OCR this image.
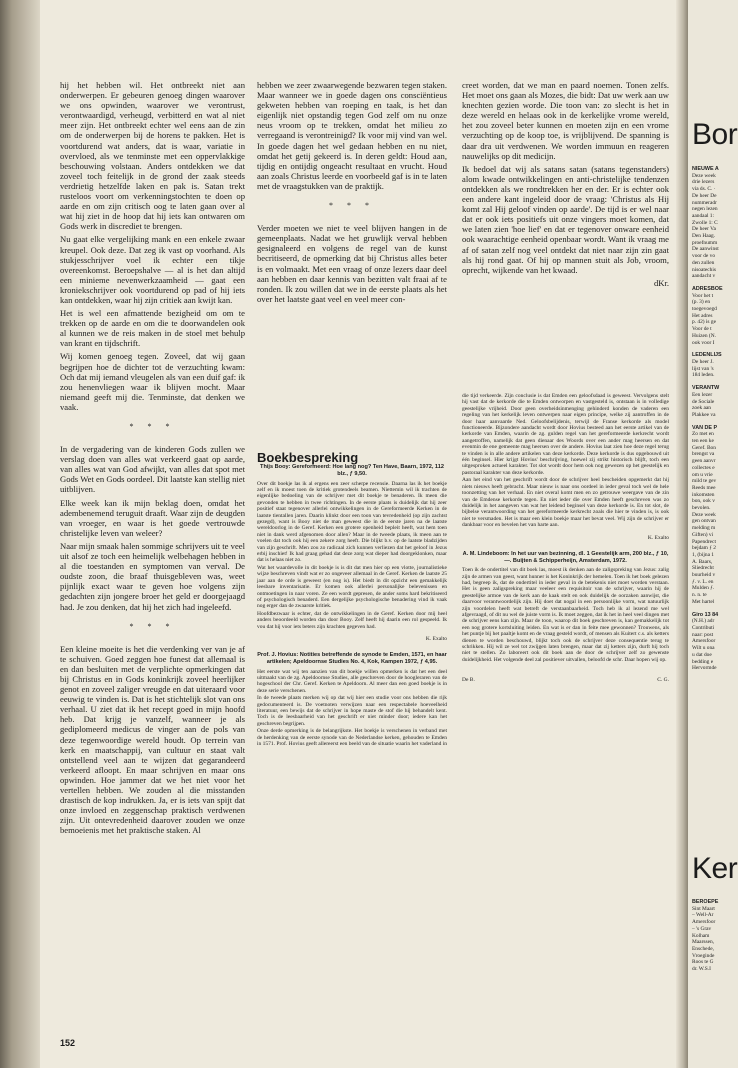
hij het hebben wil. Het ontbreekt niet aan onderwerpen. Er gebeuren genoeg dingen waarover we ons opwinden, waarover we verontrust, verontwaardigd, verheugd, verbitterd en wat al niet meer zijn. Het ontbreekt echter wel eens aan de zin om de onderwerpen bij de horens te pakken. Het is voortdurend wat anders, dat is waar, variatie in overvloed, als we tenminste met een oppervlakkige beschouwing volstaan. Anders ontdekken we dat zoveel toch feitelijk in de grond der zaak steeds verdrietig hetzelfde laken en pak is. Satan trekt rusteloos voort om verkenningstochten te doen op aarde en om zijn critisch oog te laten gaan over al wat hij ziet in de hoop dat hij iets kan ontwaren om Gods werk in discrediet te brengen.

Nu gaat elke vergelijking mank en een enkele zwaar kreupel. Ook deze. Dat zeg ik vast op voorhand. Als stukjesschrijver voel ik echter een tikje overeenkomst. Beroepshalve — al is het dan altijd een minieme nevenwerkzaamheid — gaat een kroniekschrijver ook voortdurend op pad of hij iets kan ontdekken, waar hij zijn critiek aan kwijt kan.

Het is wel een afmattende bezigheid om om te trekken op de aarde en om die te doorwandelen ook al kunnen we de reis maken in de stoel met behulp van krant en tijdschrift.

Wij komen genoeg tegen. Zoveel, dat wij gaan begrijpen hoe de dichter tot de verzuchting kwam: Och dat mij iemand vleugelen als van een duif gaf: ik zou henenvliegen waar ik blijven mocht. Maar niemand geeft mij die. Tenminste, dat denken we vaak.

* * *

In de vergadering van de kinderen Gods zullen we verslag doen van alles wat verkeerd gaat op aarde, van alles wat van God afwijkt, van alles dat spot met Gods Wet en Gods oordeel. Dit laatste kan stellig niet uitblijven.

Elke week kan ik mijn beklag doen, omdat het adembenemend teruguit draaft. Waar zijn de deugden van vroeger, en waar is het goede vertrouwde christelijke leven van weleer?

Naar mijn smaak halen sommige schrijvers uit te veel uit alsof ze toch een heimelijk welbehagen hebben in al die toestanden en symptomen van verval. De oudste zoon, die braaf thuisgebleven was, weet pijnlijk exact waar te geven hoe volgens zijn gedachten zijn jongere broer het geld er doorgejaagd had. Je zou denken, dat hij het zich had ingeleefd.

* * *

Een kleine moeite is het die verdenking ver van je af te schuiven. Goed zeggen hoe funest dat allemaal is en dan besluiten met de verplichte opmerkingen dat bij Christus en in Gods koninkrijk zoveel heerlijker genot en zoveel zaliger vreugde en dat uiteraard voor eeuwig te vinden is. Dat is het stichtelijk slot van ons verhaal. U ziet dat ik het recept goed in mijn hoofd heb. Dat krijg je vanzelf, wanneer je als gediplomeerd medicus de vinger aan de pols van deze tegenwoordige wereld houdt. Op terrein van kerk en maatschappij, van cultuur en staat valt ontstellend veel aan te wijzen dat gegarandeerd verkeerd afloopt. En maar schrijven en maar ons opwinden. Hoe jammer dat we het niet voor het vertellen hebben. We zouden al die misstanden drastisch de kop indrukken. Ja, er is iets van spijt dat onze invloed en zeggenschap praktisch verdwenen zijn. Uit ontevredenheid daarover zouden we onze bemoeienis met het praktische staken. Al

152

hebben we zeer zwaarwegende bezwaren tegen staken. Maar wanneer we in goede dagen ons consciëntieus gekweten hebben van roeping en taak, is het dan eigenlijk niet opstandig tegen God zelf om nu onze neus vroom op te trekken, omdat het milieu zo verregaand is verontreinigd? Ik voor mij vind van wel. In goede dagen het wel gedaan hebben en nu niet, omdat het getij gekeerd is. In deren geldt: Houd aan, tijdig en ontijdig ongeacht resultaat en vrucht. Houd aan zoals Christus leerde en voorbeeld gaf is in te laten met de vraagstukken van de praktijk.

* * *

Verder moeten we niet te veel blijven hangen in de gemeenplaats. Nadat we het gruwlijk verval hebben gesignaleerd en volgens de regel van de kunst becritiseerd, de opmerking dat bij Christus alles beter is en volmaakt. Met een vraag of onze lezers daar deel aan hebben en daar kennis van bezitten valt fraai af te ronden. Ik zou willen dat we in de eerste plaats als het over het laatste gaat veel en veel meer con-

Boekbespreking
Thijs Booy: Gereformeerd: Hoe lang nog? Ten Have, Baarn, 1972, 112 blz., ƒ 9,50.

Over dit boekje las ik al ergens een zeer scherpe recensie. Daarna las ik het boekje zelf en ik moest toen de kritiek grotendeels beamen. Niettemin wil ik trachten de eigenlijke bedoeling van de schrijver met dit boekje te benaderen. Ik meen die gevonden te hebben in twee richtingen. In de eerste plaats is duidelijk dat hij zeer positief staat tegenover allerlei ontwikkelingen in de Gereformeerde Kerken in de laatste tientallen jaren. Daarin klinkt door een toon van tevredenheid (op zijn zachtst gezegd), want is Booy niet de man geweest die in de eerste jaren na de laatste wereldoorlog in de Geref. Kerken een grotere openheid bepleit heeft, wat hem toen niet in dank werd afgenomen door allen? Maar in de tweede plaats, ik meen aan te voelen dat toch ook hij een zekere zorg heeft. Die blijkt b.v. op de laatste bladzijden van zijn geschrift. Men zou zo radicaal zich kunnen verliezen dat het geloof in Jezus erbij inschiet! Ik had graag gehad dat deze zorg wat dieper had doorgeklonken, maar dat is helaas niet zo.

Wat het waardevolle in dit boekje is is dit dat men hier op een vlotte, journalistieke wijze beschreven vindt wat er zo ongeveer allemaal in de Geref. Kerken de laatste 25 jaar aan de orde is geweest (en nog is). Het biedt in dit opzicht een gemakkelijk leesbare inventarisatie. Er komen ook allerlei personalijke belevenissen en ontmoetingen in naar voren. Ze een wordt gepresen, de ander soms hard bekritiseerd of psychologisch benaderd. Een dergelijke psychologische benadering vind ik vaak nog erger dan de zwaarste kritiek.

Hoofdbezwaar is echter, dat de ontwikkelingen in de Geref. Kerken door mij heel anders beoordeeld worden dan door Booy. Zelf heeft hij daarin een rol gespeeld. Ik vou dat hij voor iets beters zijn krachten gegeven had.

K. Exalto
Prof. J. Hovius: Notities betreffende de synode te Emden, 1571, en haar artikelen; Apeldoornse Studies No. 4, Kok, Kampen 1972, ƒ 4,95.

Het eerste wat wij ten aanzien van dit boekje willen opmerken is dat het een deel uitmaakt van de zg. Apeldoornse Studies, alle geschreven door de hoogleraren van de hogeschool der Chr. Geref. Kerken te Apeldoorn. Al meer dan een goed boekje is in deze serie verschenen.

In de tweede plaats merken wij op dat wij hier een studie voor ons hebben die rijk gedocumenteerd is. De voetnoten verwijzen naar een respectabele hoeveelheid literatuur, een bewijs dat de schrijver in hope maste de stof die hij behandelt kent. Toch is de leesbaarheid van het geschrift er niet minder door; iedere kan het geschreven begrijpen.

Onze derde opmerking is de belangrijkste. Het boekje is verschenen in verband met de herdenking van de eerste synode van de Nederlandse kerken, gehouden te Emden in 1571. Prof. Hovius geeft allereerst een beeld van de situatie waarin het vaderland in

creet worden, dat we man en paard noemen. Tonen zelfs. Het moet ons gaan als Mozes, die bidt: Dat uw werk aan uw knechten gezien worde. Die toon van: zo slecht is het in deze wereld en helaas ook in de kerkelijke vrome wereld, het zou zoveel beter kunnen en moeten zijn en een vrome verzuchting op de koop toe, is vrijblijvend. De spanning is daar dra uit verdwenen. We worden immuun en reageren nauwelijks op dit medicijn.

Ik bedoel dat wij als satans satan (satans tegenstanders) alom kwade ontwikkelingen en anti-christelijke tendenzen ontdekken als we rondtrekken her en der. Er is echter ook een andere kant ingeleid door de vraag: 'Christus als Hij komt zal Hij geloof vinden op aarde'. De tijd is er wel naar dat er ook iets positiefs uit onze vingers moet komen, dat we laten zien 'hoe lief' en dat er tegenover onware eenheid ook waarachtige eenheid openbaar wordt. Want ik vraag me af of satan zelf nog veel ontdekt dat niet naar zijn zin gaat als hij rond gaat. Of hij op mannen stuit als Job, vroom, oprecht, wijkende van het kwaad.

dKr.

die tijd verkeerde. Zijn conclusie is dat Emden een geloofsdaad is geweest. Vervolgens stelt hij vast dat de kerkorde die te Emden ontworpen en vastgesteld is, ontstaan is in volledige geestelijke vrijheid. Door geen overheidsinmenging gehinderd konden de vaderen een regeling van het kerkelijk leven ontwerpen naar eigen principe, welke zij aantroffen in de door haar aanvaarde Ned. Geloofsbelijdenis, terwijl de Franse kerkorde als model functioneerde. Bijzondere aandacht wordt door Hovius besteed aan het eerste artikel van de kerkorde van Emden, waarin de zg. gulden regel van het gereformeerde kerkrecht wordt aangetroffen, namelijk dat geen dienaar des Woords over een ander mag heersen en dat evenmin de ene gemeente mag heersen over de andere. Hovius laat zien hoe deze regel terug te vinden is in alle andere artikelen van deze kerkorde. Deze kerkorde is dus opgebouwd uit één beginsel. Hier krijgt Hovius' beschrijving, hoewel zij strikt historisch blijft, toch een uitgesproken actueel karakter. Tot slot wordt door hem ook nog gewezen op het geestelijk en pastoraal karakter van deze kerkorde.

Aan het eind van het geschrift wordt door de schrijver heel bescheiden opgemerkt dat hij niets nieuws heeft gebracht. Maar nieuw is naar ons oordeel in ieder geval toch wel de hele toonzetting van het verhaal. En niet overal komt men en zo getrouwe weergave van de zin van de Emdense kerkorde tegen. En niet ieder die over Emden heeft geschreven was zo duidelijk in het aangeven van wat het leidend beginsel van deze kerkorde is. En tot slot, de bijbelse verantwoording van het gereformeerde kerkrecht zoals die hier te vinden is, is ook niet te versmaden. Het is maar een klein boekje maar het bevat veel. Wij zijn de schrijver er dankbaar voor en bevelen het van harte aan.

K. Exalto
A. M. Lindeboom: In het uur van bezinning, dl. 1 Geestelijk arm, 200 blz., ƒ 10,—. Buijten & Schipperheijn, Amsterdam, 1972.

Toen ik de ondertitel van dit boek las, moest ik denken aan de zaligspreking van Jezus: zalig zijn de armen van geest, want hunner is het Koninkrijk der hemelen. Toen ik het boek gelezen had, begreep ik, dat de ondertitel in ieder geval in de betekenis niet moet worden verstaan. Het is geen zaligspreking maar veeleer een requisitoir van de schrijver, waarin hij de geestelijke armoe van de kerk aan de kaak stelt en ook duidelijk de oorzaken aanwijst, die daarvoor verantwoordelijk zijn. Hij doet dat nogal in een persoonlijke vorm, wat natuurlijk zijn voordelen heeft wat betreft de verstaanbaarheid. Toch heb ik al lezend me wel afgevraagd, of dit nu wel de juiste vorm is. Ik moet zeggen, dat ik het in heel veel dingen met de schrijver eens kan zijn. Maar de toon, waarop dit boek geschreven is, kan gemakkelijk tot een nog grotere kortsluiting leiden. En wat is er dan in feite mee gewonnen? Trouwens, als het puntje bij het paaltje komt en de vraag gesteld wordt, of mensen als Kuitert c.s. als ketters dienen te worden beschouwd, blijkt toch ook de schrijver deze consequentie terug te schrikken. Hij wil ze wel tot zwijgen laten brengen, maar dat zij ketters zijn, durft hij toch niet te stellen. Zo laboreert ook dit boek aan de door de schrijver zelf zo gewenste duidelijkheid. Het volgende deel zal positiever uitvallen, beloofd de schr. Daar hopen wij op.

De B.	C. G.
Bor
NIEUWE A
Deze week
drie lezers
via ds. C. ·
De heer De
nummeradr
negen lezen
aandaal 1:
Zwolle 1: C
De heer Va
Den Haag.
proefnumm
De aanwinst
voor de vo
den zullen
nisoatechis
aandacht v
ADRESBOE
Voor het t
(p. 3) en
toegevoegd
Het adres
p. 42) is ge
Voor de t
Huizen (N.
ook voor I
LEDENLIJS
De heer J.
lijst van 's
184 leden.
VERANTW
Een lezer
de Sociale
zoek aan
Plakkee va
VAN DE P
Zo met en
ten een ke
Geref. Bon
brengst va
geen aanvr
collectes e
om u vrie
mild te gev
Reeds mee
inkomsten
bon, ook v
bevolen.
Deze week
gen ontvan
melding m
Giften) vi
Papendrect
bejdam ƒ 2
1, (bijna 1
A. Baars,
Sliedrecht
buurheid v
ƒ. v. L. en
Mulden ƒ.
n. n. te
Met hartel
Giro 13 84
(N.H.) adr
Contributi
naar: post
Amersfoor
Wilt u ona
u dat doe
bedding e
Hervormde
Ker
BEROEPE
Sint Maart
– Well-Ar
Amersfoor
– 's Grav
Kolham
Maarssen,
Enschede,
Vroeginde
Roos te G
dr. W.S.I
